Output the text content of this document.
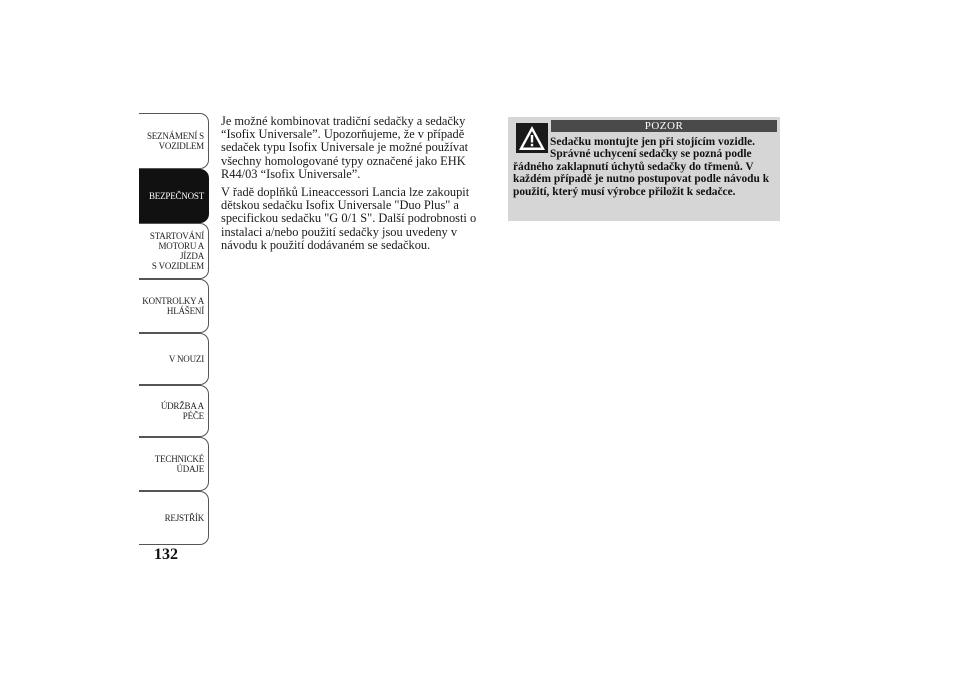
SEZNÁMENÍ S
VOZIDLEM
BEZPEČNOST
STARTOVÁNÍ
MOTORU A JÍZDA
S VOZIDLEM
KONTROLKY A
HLÁŠENÍ
V NOUZI
ÚDRŽBA A PÉČE
TECHNICKÉ
ÚDAJE
REJSTŘÍK
132

Je možné kombinovat tradiční sedačky a sedačky “Isofix Universale”. Upozorňujeme, že v případě sedaček typu Isofix Universale je možné používat všechny homologované typy označené jako EHK R44/03 “Isofix Universale”.

V řadě doplňků Lineaccessori Lancia lze zakoupit dětskou sedačku Isofix Universale "Duo Plus" a specifickou sedačku "G 0/1 S". Další podrobnosti o instalaci a/nebo použití sedačky jsou uvedeny v návodu k použití dodávaném se sedačkou.

POZOR
Sedačku montujte jen při stojícím vozidle. Správné uchycení sedačky se pozná podle řádného zaklapnutí úchytů sedačky do třmenů. V každém případě je nutno postupovat podle návodu k použití, který musí výrobce přiložit k sedačce.
